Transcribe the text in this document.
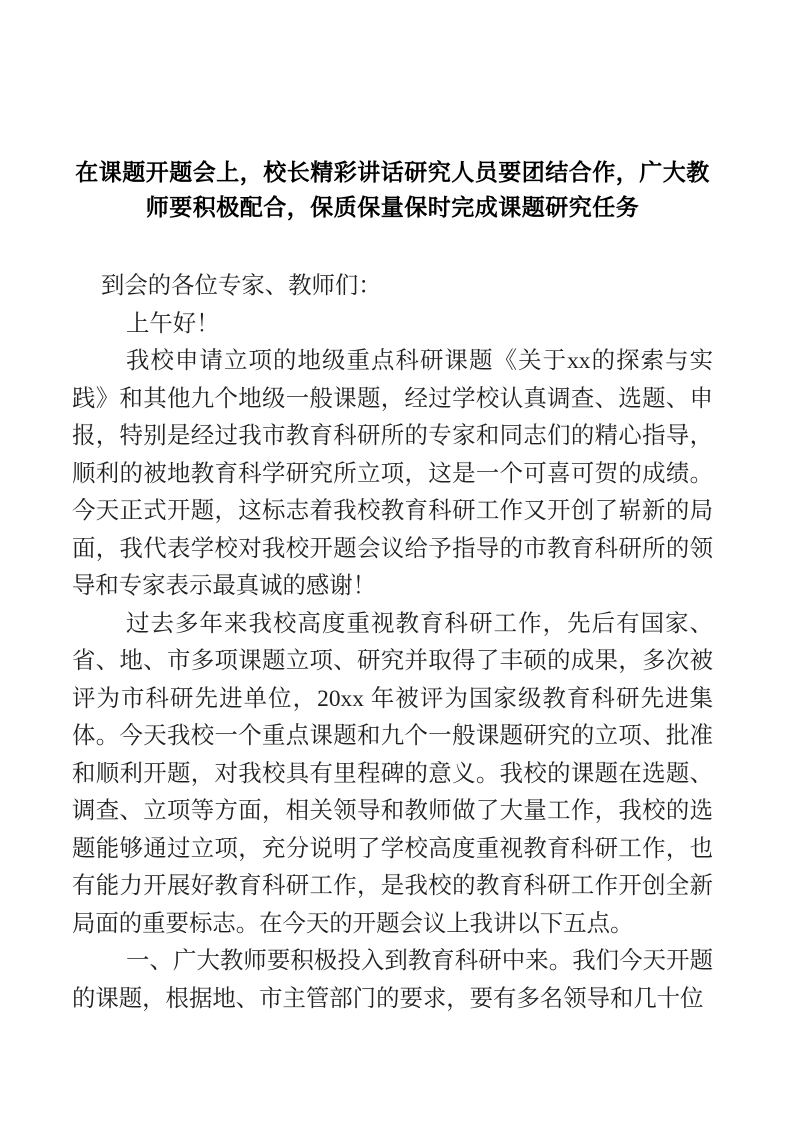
在课题开题会上，校长精彩讲话研究人员要团结合作，广大教
师要积极配合，保质保量保时完成课题研究任务

到会的各位专家、教师们：

上午好！

我校申请立项的地级重点科研课题《关于xx的探索与实践》和其他九个地级一般课题，经过学校认真调查、选题、申报，特别是经过我市教育科研所的专家和同志们的精心指导，顺利的被地教育科学研究所立项，这是一个可喜可贺的成绩。今天正式开题，这标志着我校教育科研工作又开创了崭新的局面，我代表学校对我校开题会议给予指导的市教育科研所的领导和专家表示最真诚的感谢！

过去多年来我校高度重视教育科研工作，先后有国家、省、地、市多项课题立项、研究并取得了丰硕的成果，多次被评为市科研先进单位，20xx 年被评为国家级教育科研先进集体。今天我校一个重点课题和九个一般课题研究的立项、批准和顺利开题，对我校具有里程碑的意义。我校的课题在选题、调查、立项等方面，相关领导和教师做了大量工作，我校的选题能够通过立项，充分说明了学校高度重视教育科研工作，也有能力开展好教育科研工作，是我校的教育科研工作开创全新局面的重要标志。在今天的开题会议上我讲以下五点。

一、广大教师要积极投入到教育科研中来。我们今天开题的课题，根据地、市主管部门的要求，要有多名领导和几十位
